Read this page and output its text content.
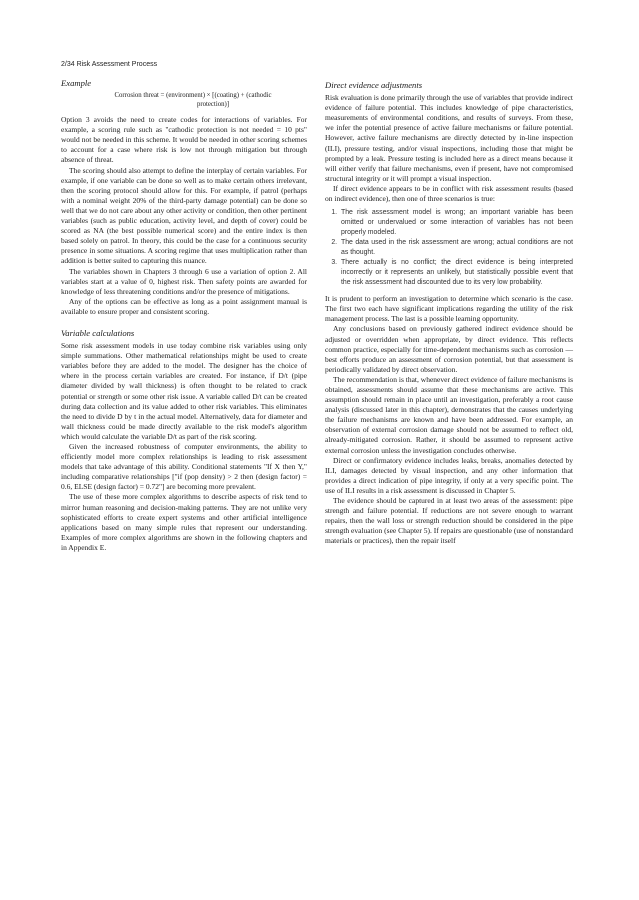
2/34 Risk Assessment Process
Example
Corrosion threat = (environment) × [(coating) + (cathodic
protection)]

Option 3 avoids the need to create codes for interactions of variables. For example, a scoring rule such as "cathodic protection is not needed = 10 pts" would not be needed in this scheme. It would be needed in other scoring schemes to account for a case where risk is low not through mitigation but through absence of threat.

The scoring should also attempt to define the interplay of certain variables. For example, if one variable can be done so well as to make certain others irrelevant, then the scoring protocol should allow for this. For example, if patrol (perhaps with a nominal weight 20% of the third-party damage potential) can be done so well that we do not care about any other activity or condition, then other pertinent variables (such as public education, activity level, and depth of cover) could be scored as NA (the best possible numerical score) and the entire index is then based solely on patrol. In theory, this could be the case for a continuous security presence in some situations. A scoring regime that uses multiplication rather than addition is better suited to capturing this nuance.

The variables shown in Chapters 3 through 6 use a variation of option 2. All variables start at a value of 0, highest risk. Then safety points are awarded for knowledge of less threatening conditions and/or the presence of mitigations.

Any of the options can be effective as long as a point assignment manual is available to ensure proper and consistent scoring.

Variable calculations

Some risk assessment models in use today combine risk variables using only simple summations. Other mathematical relationships might be used to create variables before they are added to the model. The designer has the choice of where in the process certain variables are created. For instance, if D/t (pipe diameter divided by wall thickness) is often thought to be related to crack potential or strength or some other risk issue. A variable called D/t can be created during data collection and its value added to other risk variables. This eliminates the need to divide D by t in the actual model. Alternatively, data for diameter and wall thickness could be made directly available to the risk model's algorithm which would calculate the variable D/t as part of the risk scoring.

Given the increased robustness of computer environments, the ability to efficiently model more complex relationships is leading to risk assessment models that take advantage of this ability. Conditional statements "If X then Y," including comparative relationships ["if (pop density) > 2 then (design factor) = 0.6, ELSE (design factor) = 0.72"] are becoming more prevalent.

The use of these more complex algorithms to describe aspects of risk tend to mirror human reasoning and decision-making patterns. They are not unlike very sophisticated efforts to create expert systems and other artificial intelligence applications based on many simple rules that represent our understanding. Examples of more complex algorithms are shown in the following chapters and in Appendix E.

Direct evidence adjustments

Risk evaluation is done primarily through the use of variables that provide indirect evidence of failure potential. This includes knowledge of pipe characteristics, measurements of environmental conditions, and results of surveys. From these, we infer the potential presence of active failure mechanisms or failure potential. However, active failure mechanisms are directly detected by in-line inspection (ILI), pressure testing, and/or visual inspections, including those that might be prompted by a leak. Pressure testing is included here as a direct means because it will either verify that failure mechanisms, even if present, have not compromised structural integrity or it will prompt a visual inspection.

If direct evidence appears to be in conflict with risk assessment results (based on indirect evidence), then one of three scenarios is true:

1. The risk assessment model is wrong; an important variable has been omitted or undervalued or some interaction of variables has not been properly modeled.
2. The data used in the risk assessment are wrong; actual conditions are not as thought.
3. There actually is no conflict; the direct evidence is being interpreted incorrectly or it represents an unlikely, but statistically possible event that the risk assessment had discounted due to its very low probability.

It is prudent to perform an investigation to determine which scenario is the case. The first two each have significant implications regarding the utility of the risk management process. The last is a possible learning opportunity.

Any conclusions based on previously gathered indirect evidence should be adjusted or overridden when appropriate, by direct evidence. This reflects common practice, especially for time-dependent mechanisms such as corrosion — best efforts produce an assessment of corrosion potential, but that assessment is periodically validated by direct observation.

The recommendation is that, whenever direct evidence of failure mechanisms is obtained, assessments should assume that these mechanisms are active. This assumption should remain in place until an investigation, preferably a root cause analysis (discussed later in this chapter), demonstrates that the causes underlying the failure mechanisms are known and have been addressed. For example, an observation of external corrosion damage should not be assumed to reflect old, already-mitigated corrosion. Rather, it should be assumed to represent active external corrosion unless the investigation concludes otherwise.

Direct or confirmatory evidence includes leaks, breaks, anomalies detected by ILI, damages detected by visual inspection, and any other information that provides a direct indication of pipe integrity, if only at a very specific point. The use of ILI results in a risk assessment is discussed in Chapter 5.

The evidence should be captured in at least two areas of the assessment: pipe strength and failure potential. If reductions are not severe enough to warrant repairs, then the wall loss or strength reduction should be considered in the pipe strength evaluation (see Chapter 5). If repairs are questionable (use of nonstandard materials or practices), then the repair itself
